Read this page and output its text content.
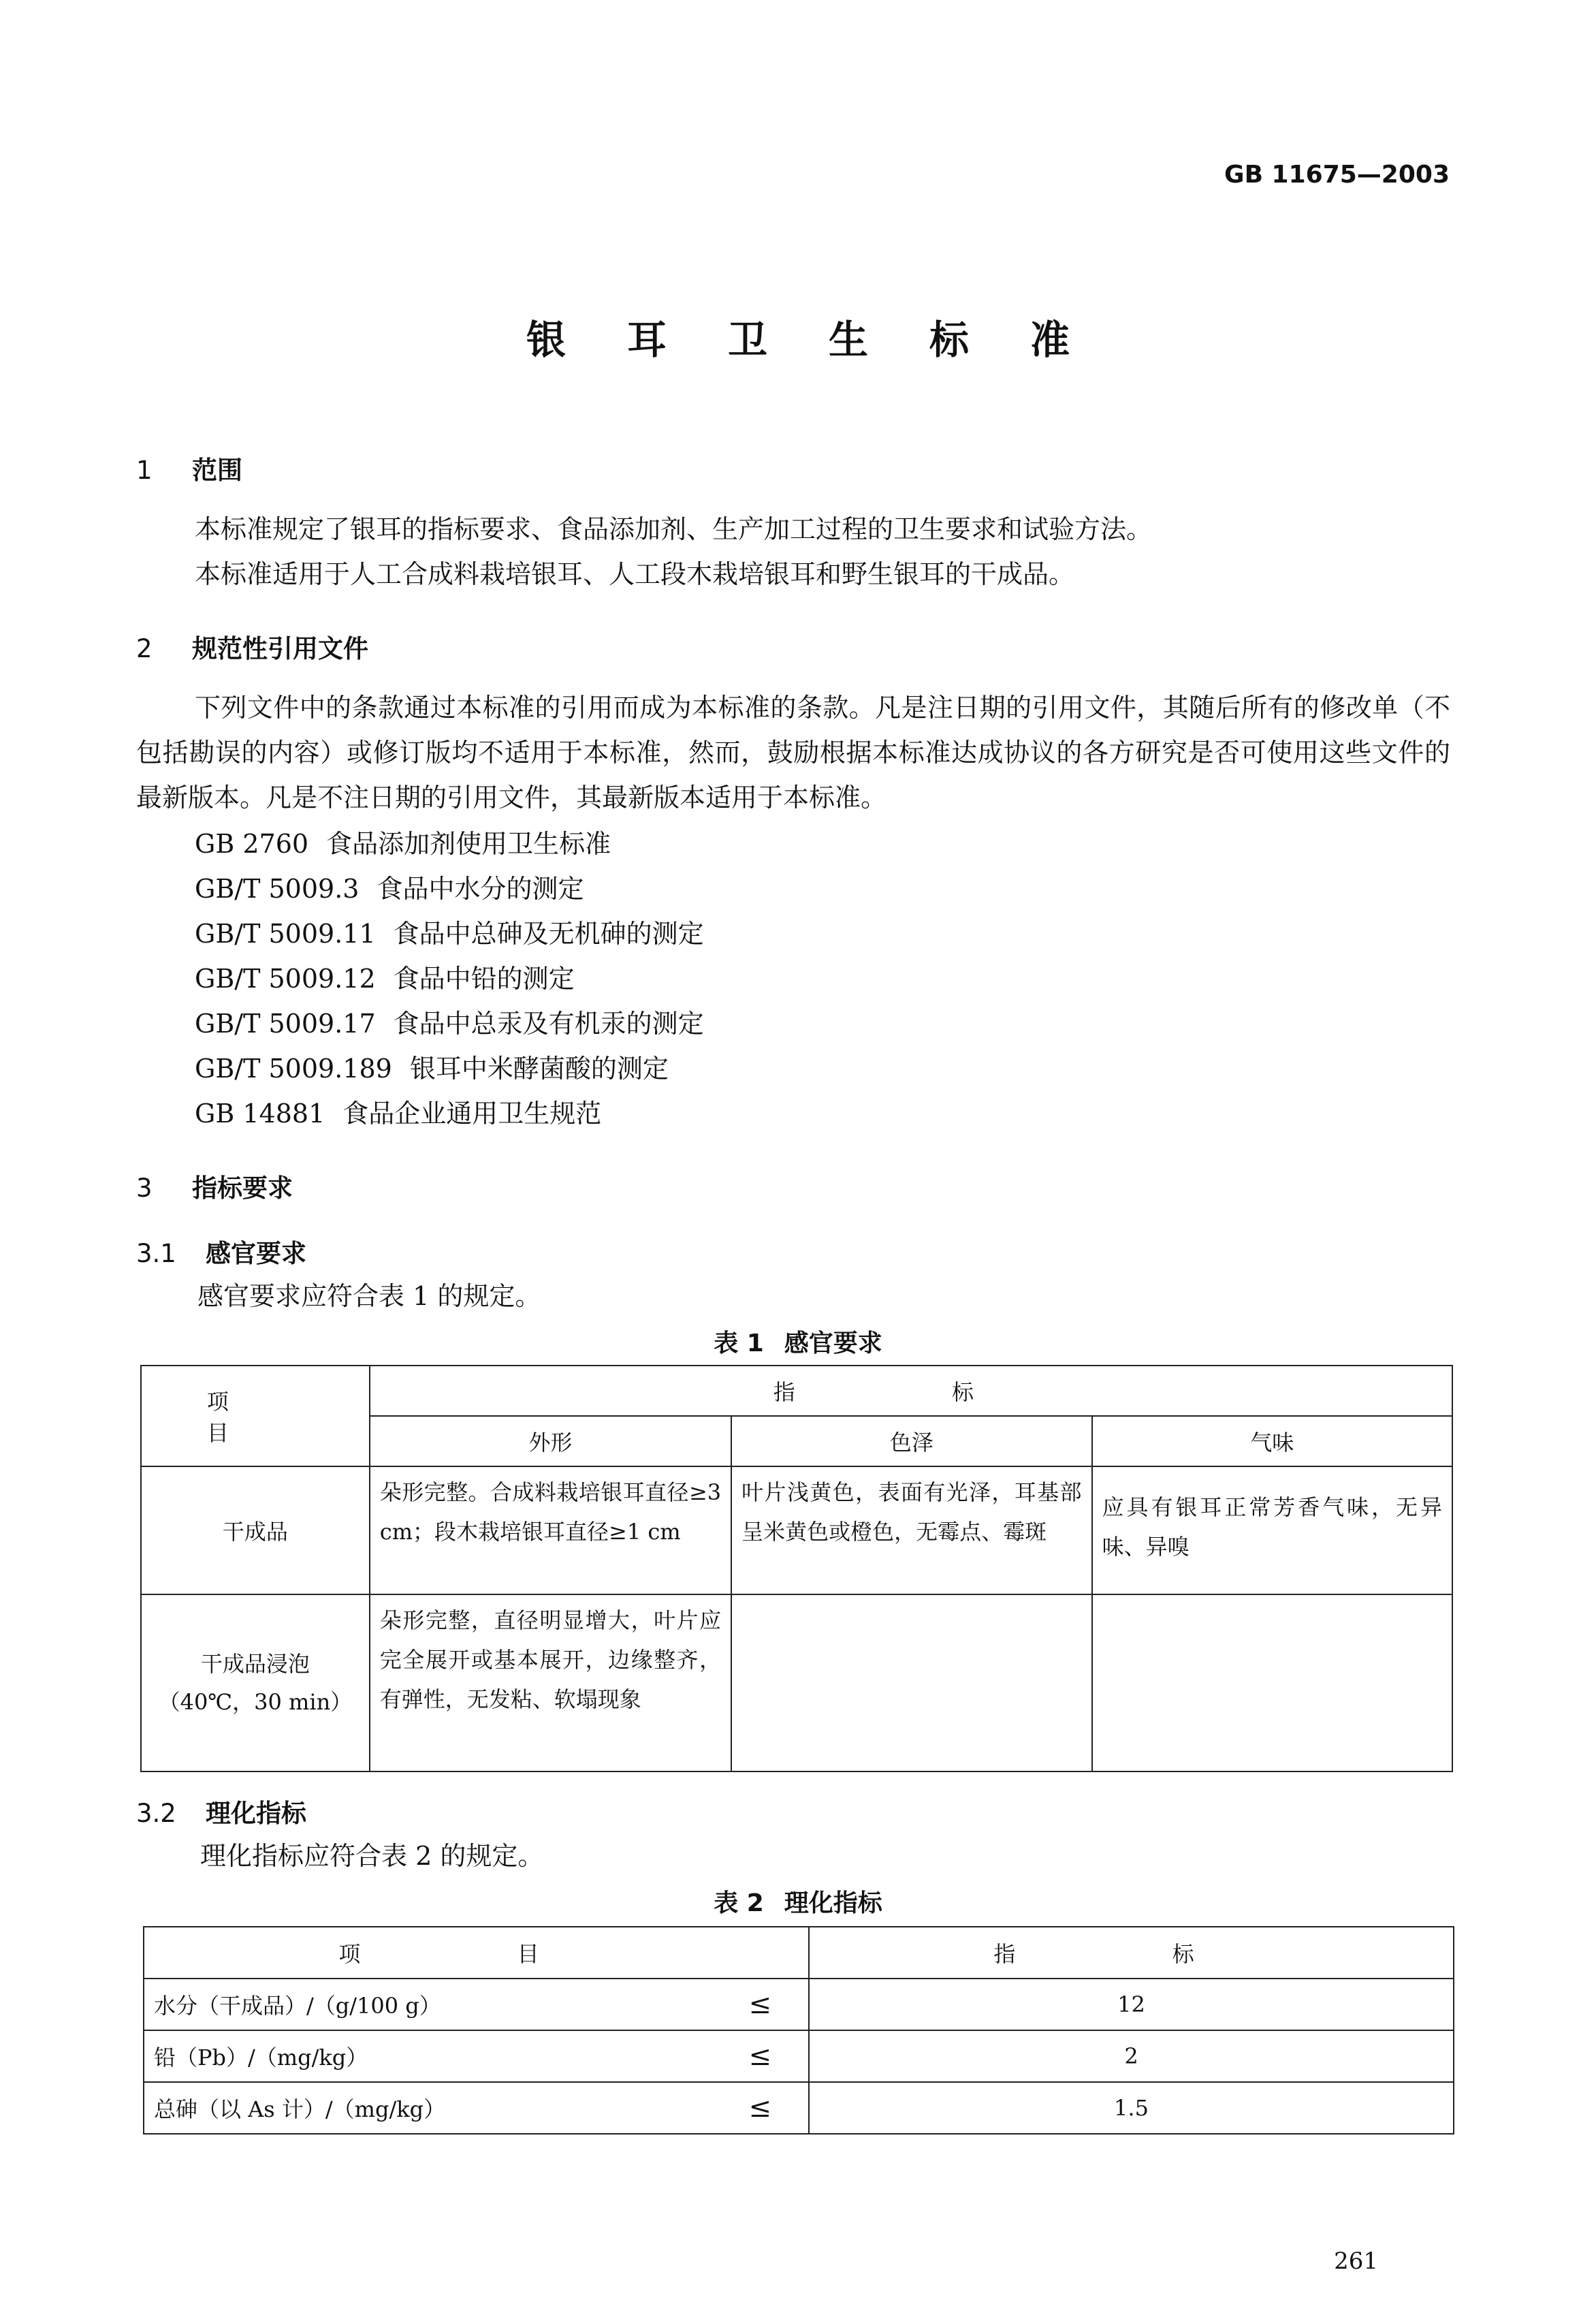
GB 11675—2003
银耳卫生标准
1 范围
本标准规定了银耳的指标要求、食品添加剂、生产加工过程的卫生要求和试验方法。
本标准适用于人工合成料栽培银耳、人工段木栽培银耳和野生银耳的干成品。
2 规范性引用文件
下列文件中的条款通过本标准的引用而成为本标准的条款。凡是注日期的引用文件，其随后所有的修改单（不包括勘误的内容）或修订版均不适用于本标准，然而，鼓励根据本标准达成协议的各方研究是否可使用这些文件的最新版本。凡是不注日期的引用文件，其最新版本适用于本标准。
GB 2760 食品添加剂使用卫生标准
GB/T 5009.3 食品中水分的测定
GB/T 5009.11 食品中总砷及无机砷的测定
GB/T 5009.12 食品中铅的测定
GB/T 5009.17 食品中总汞及有机汞的测定
GB/T 5009.189 银耳中米酵菌酸的测定
GB 14881 食品企业通用卫生规范
3 指标要求
3.1 感官要求
感官要求应符合表 1 的规定。
表 1 感官要求
项 目	指 标		
	外形	色泽	气味

干成品	朵形完整。合成料栽培银耳直径≥3 cm；段木栽培银耳直径≥1 cm	叶片浅黄色，表面有光泽，耳基部呈米黄色或橙色，无霉点、霉斑	应具有银耳正常芳香气味，无异味、异嗅

干成品浸泡
（40℃，30 min）	朵形完整，直径明显增大，叶片应完全展开或基本展开，边缘整齐，有弹性，无发粘、软塌现象		
3.2 理化指标
理化指标应符合表 2 的规定。
表 2 理化指标
项 目	指 标
水分（干成品）/（g/100 g） ≤	12
铅（Pb）/（mg/kg） ≤	2
总砷（以 As 计）/（mg/kg） ≤	1.5
261
